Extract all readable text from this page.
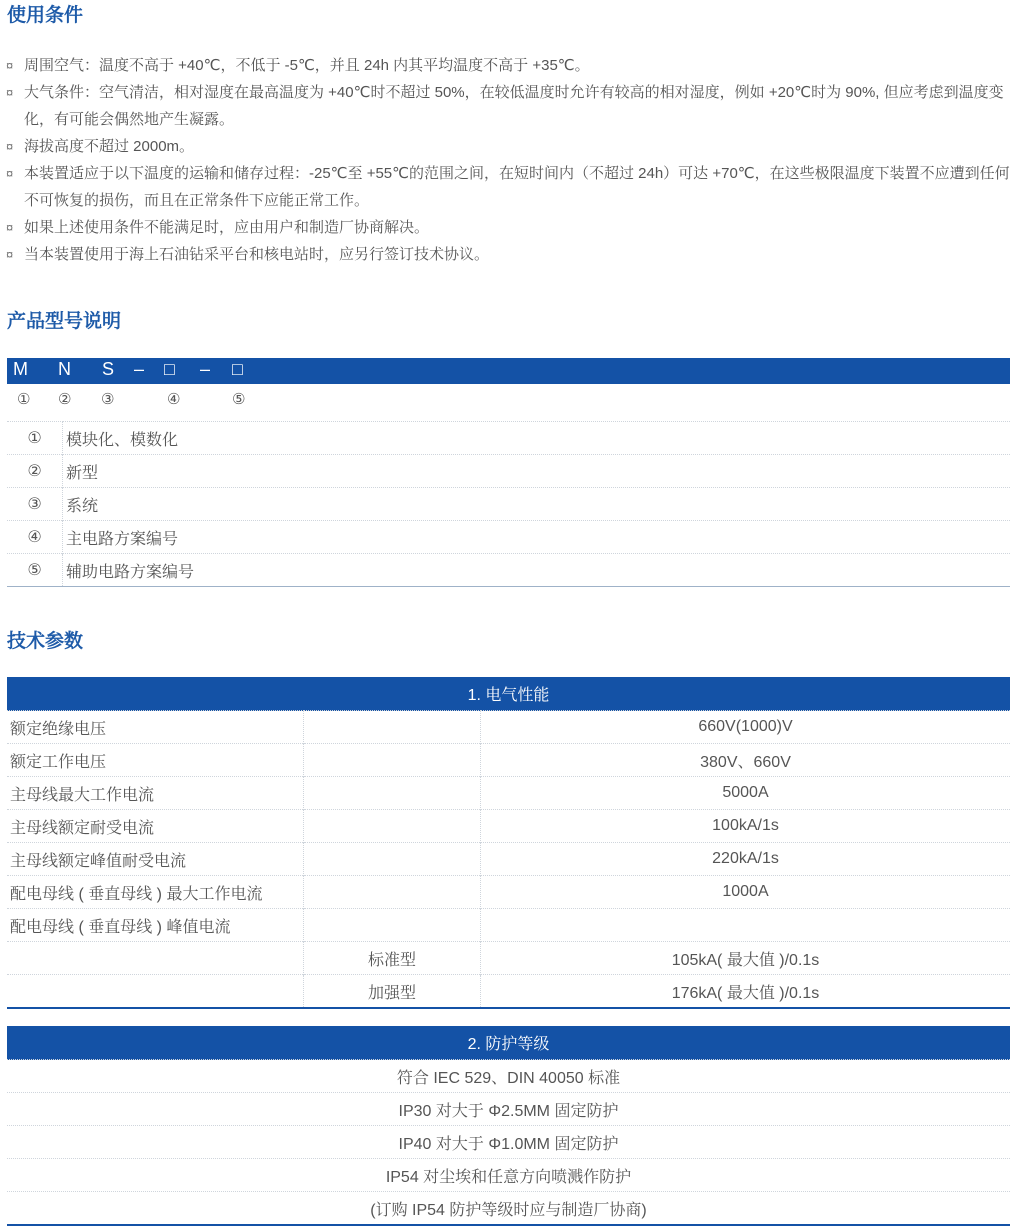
使用条件
¤ 周围空气：温度不高于 +40℃，不低于 -5℃，并且 24h 内其平均温度不高于 +35℃。
¤ 大气条件：空气清洁，相对湿度在最高温度为 +40℃时不超过 50%，在较低温度时允许有较高的相对湿度，例如 +20℃时为 90%, 但应考虑到温度变化，有可能会偶然地产生凝露。
¤ 海拔高度不超过 2000m。
¤ 本装置适应于以下温度的运输和储存过程：-25℃至 +55℃的范围之间，在短时间内（不超过 24h）可达 +70℃，在这些极限温度下装置不应遭到任何不可恢复的损伤，而且在正常条件下应能正常工作。
¤ 如果上述使用条件不能满足时，应由用户和制造厂协商解决。
¤ 当本装置使用于海上石油钻采平台和核电站时，应另行签订技术协议。
产品型号说明
M N S – □ – □
① ② ③	④	⑤
①	模块化、模数化
②	新型
③	系统
④	主电路方案编号
⑤	辅助电路方案编号
技术参数
1. 电气性能		
额定绝缘电压		660V(1000)V
额定工作电压		380V、660V
主母线最大工作电流		5000A
主母线额定耐受电流		100kA/1s
主母线额定峰值耐受电流		220kA/1s
配电母线 ( 垂直母线 ) 最大工作电流		1000A
配电母线 ( 垂直母线 ) 峰值电流		
	标准型	105kA( 最大值 )/0.1s
	加强型	176kA( 最大值 )/0.1s
2. 防护等级
符合 IEC 529、DIN 40050 标准
IP30 对大于 Φ2.5MM 固定防护
IP40 对大于 Φ1.0MM 固定防护
IP54 对尘埃和任意方向喷溅作防护
(订购 IP54 防护等级时应与制造厂协商)
